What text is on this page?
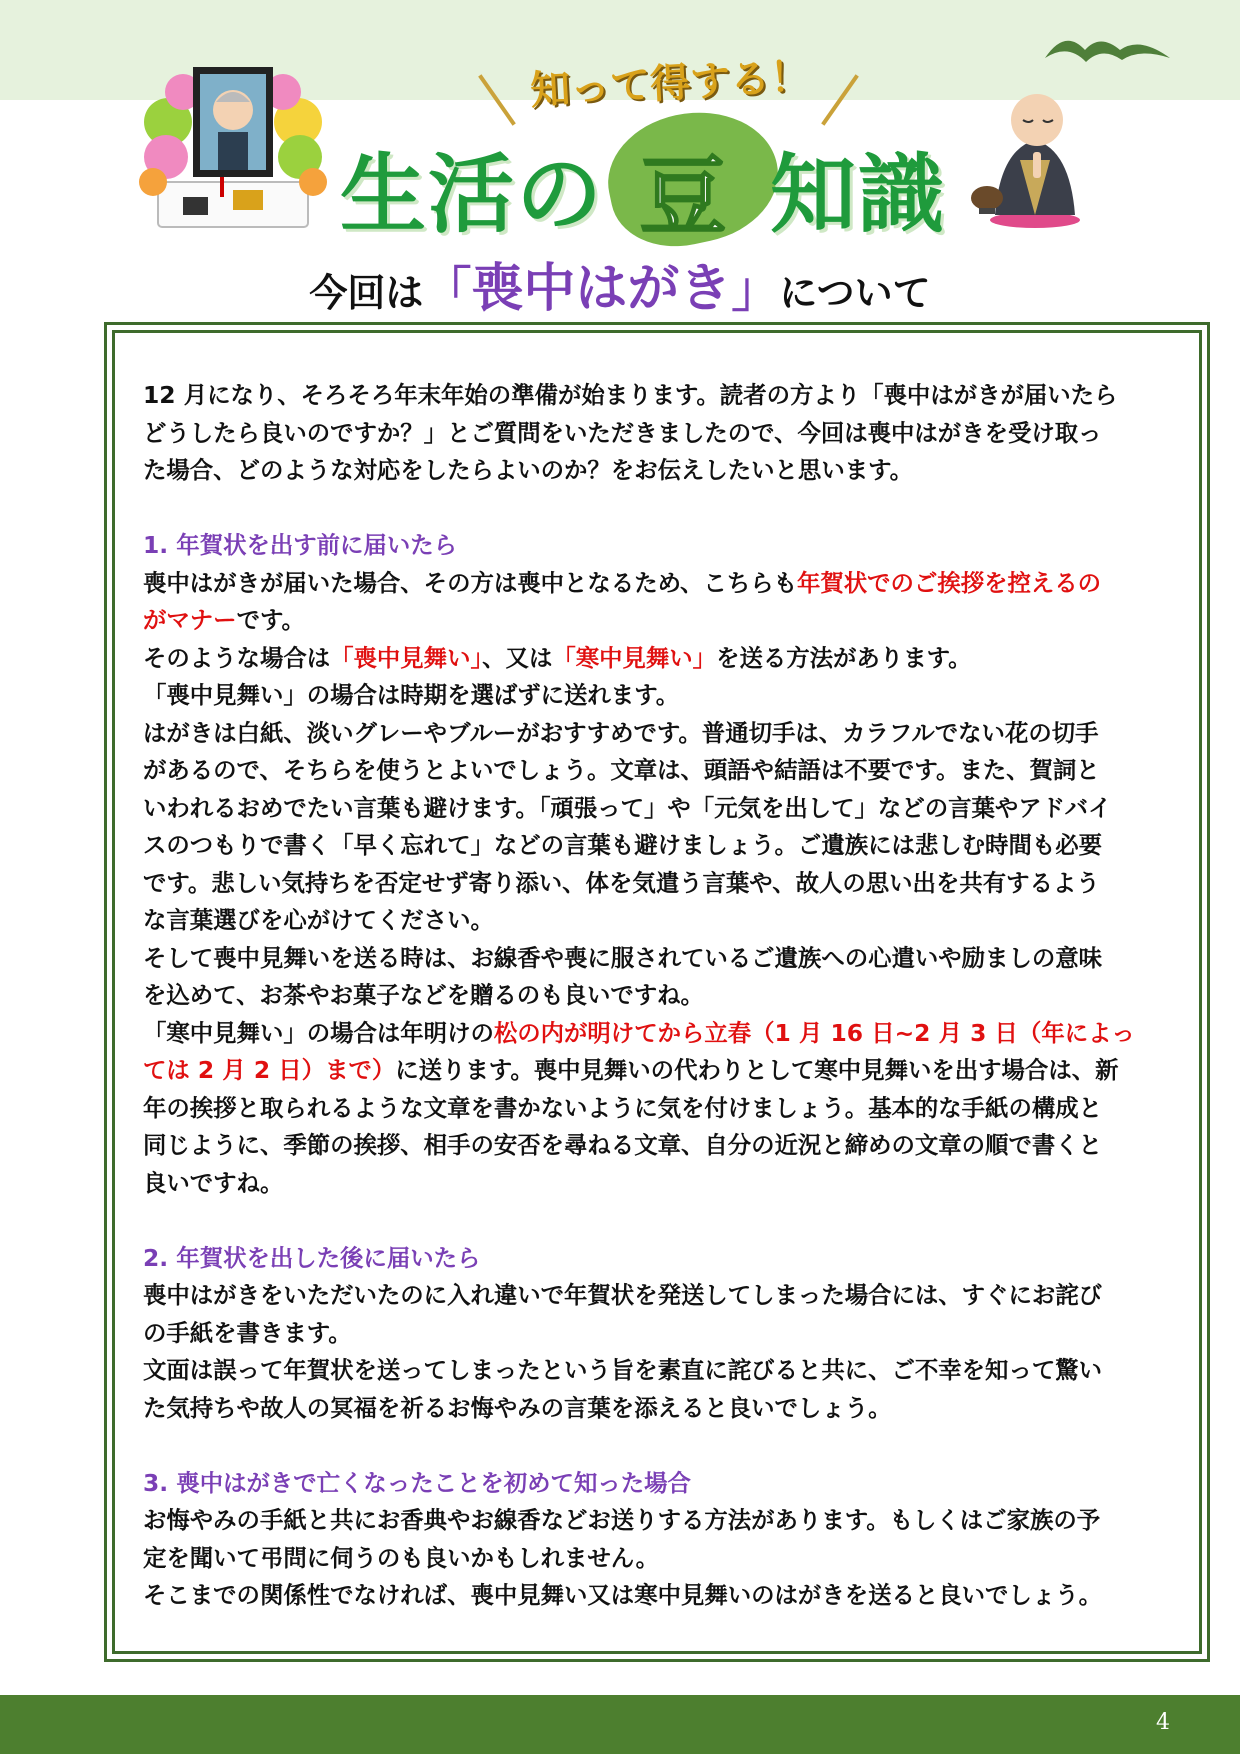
知って得する！
生活の 豆 知識
今回は「喪中はがき」について

12 月になり、そろそろ年末年始の準備が始まります。読者の方より「喪中はがきが届いたら

どうしたら良いのですか？」とご質問をいただきましたので、今回は喪中はがきを受け取っ

た場合、どのような対応をしたらよいのか？をお伝えしたいと思います。

1. 年賀状を出す前に届いたら

喪中はがきが届いた場合、その方は喪中となるため、こちらも年賀状でのご挨拶を控えるの

がマナーです。

そのような場合は「喪中見舞い」、又は「寒中見舞い」を送る方法があります。

「喪中見舞い」の場合は時期を選ばずに送れます。

はがきは白紙、淡いグレーやブルーがおすすめです。普通切手は、カラフルでない花の切手

があるので、そちらを使うとよいでしょう。文章は、頭語や結語は不要です。また、賀詞と

いわれるおめでたい言葉も避けます。「頑張って」や「元気を出して」などの言葉やアドバイ

スのつもりで書く「早く忘れて」などの言葉も避けましょう。ご遺族には悲しむ時間も必要

です。悲しい気持ちを否定せず寄り添い、体を気遣う言葉や、故人の思い出を共有するよう

な言葉選びを心がけてください。

そして喪中見舞いを送る時は、お線香や喪に服されているご遺族への心遣いや励ましの意味

を込めて、お茶やお菓子などを贈るのも良いですね。

「寒中見舞い」の場合は年明けの松の内が明けてから立春（1 月 16 日~2 月 3 日（年によっ

ては 2 月 2 日）まで）に送ります。喪中見舞いの代わりとして寒中見舞いを出す場合は、新

年の挨拶と取られるような文章を書かないように気を付けましょう。基本的な手紙の構成と

同じように、季節の挨拶、相手の安否を尋ねる文章、自分の近況と締めの文章の順で書くと

良いですね。

2. 年賀状を出した後に届いたら

喪中はがきをいただいたのに入れ違いで年賀状を発送してしまった場合には、すぐにお詫び

の手紙を書きます。

文面は誤って年賀状を送ってしまったという旨を素直に詫びると共に、ご不幸を知って驚い

た気持ちや故人の冥福を祈るお悔やみの言葉を添えると良いでしょう。

3. 喪中はがきで亡くなったことを初めて知った場合

お悔やみの手紙と共にお香典やお線香などお送りする方法があります。もしくはご家族の予

定を聞いて弔問に伺うのも良いかもしれません。

そこまでの関係性でなければ、喪中見舞い又は寒中見舞いのはがきを送ると良いでしょう。

4
